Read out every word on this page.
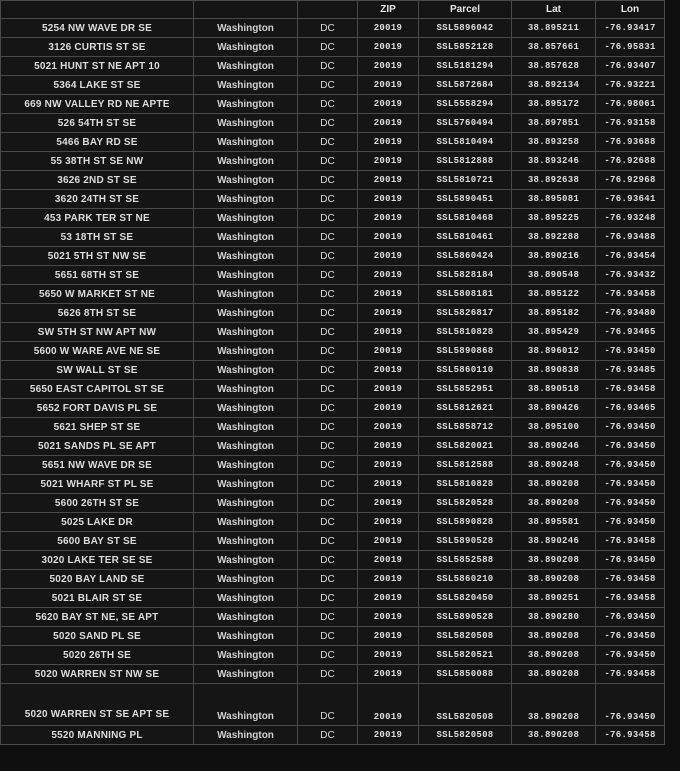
			ZIP	Parcel	Lat	Lon
5254 NW WAVE DR SE	Washington	DC	20019	SSL5896042	38.895211	-76.93417
3126 CURTIS ST SE	Washington	DC	20019	SSL5852128	38.857661	-76.95831
5021 HUNT ST NE APT 10	Washington	DC	20019	SSL5181294	38.857628	-76.93407
5364 LAKE ST SE	Washington	DC	20019	SSL5872684	38.892134	-76.93221
669 NW VALLEY RD NE APTE	Washington	DC	20019	SSL5558294	38.895172	-76.98061
526 54TH ST SE	Washington	DC	20019	SSL5760494	38.897851	-76.93158
5466 BAY RD SE	Washington	DC	20019	SSL5810494	38.893258	-76.93688
55 38TH ST SE NW	Washington	DC	20019	SSL5812888	38.893246	-76.92688
3626 2ND ST SE	Washington	DC	20019	SSL5810721	38.892638	-76.92968
3620 24TH ST SE	Washington	DC	20019	SSL5890451	38.895081	-76.93641
453 PARK TER ST NE	Washington	DC	20019	SSL5810468	38.895225	-76.93248
53 18TH ST SE	Washington	DC	20019	SSL5810461	38.892288	-76.93488
5021 5TH ST NW SE	Washington	DC	20019	SSL5860424	38.890216	-76.93454
5651 68TH ST SE	Washington	DC	20019	SSL5828184	38.890548	-76.93432
5650 W MARKET ST NE	Washington	DC	20019	SSL5808181	38.895122	-76.93458
5626 8TH ST SE	Washington	DC	20019	SSL5826817	38.895182	-76.93480
SW 5TH ST NW APT NW	Washington	DC	20019	SSL5810828	38.895429	-76.93465
5600 W WARE AVE NE SE	Washington	DC	20019	SSL5890868	38.896012	-76.93450
SW WALL ST SE	Washington	DC	20019	SSL5860110	38.890838	-76.93485
5650 EAST CAPITOL ST SE	Washington	DC	20019	SSL5852951	38.890518	-76.93458
5652 FORT DAVIS PL SE	Washington	DC	20019	SSL5812621	38.890426	-76.93465
5621 SHEP ST SE	Washington	DC	20019	SSL5858712	38.895100	-76.93450
5021 SANDS PL SE APT	Washington	DC	20019	SSL5820021	38.890246	-76.93450
5651 NW WAVE DR SE	Washington	DC	20019	SSL5812588	38.890248	-76.93450
5021 WHARF ST PL SE	Washington	DC	20019	SSL5810828	38.890208	-76.93450
5600 26TH ST SE	Washington	DC	20019	SSL5820528	38.890208	-76.93450
5025 LAKE DR	Washington	DC	20019	SSL5890828	38.895581	-76.93450
5600 BAY ST SE	Washington	DC	20019	SSL5890528	38.890246	-76.93458
3020 LAKE TER SE SE	Washington	DC	20019	SSL5852588	38.890208	-76.93450
5020 BAY LAND SE	Washington	DC	20019	SSL5860210	38.890208	-76.93458
5021 BLAIR ST SE	Washington	DC	20019	SSL5820450	38.890251	-76.93458
5620 BAY ST NE, SE APT	Washington	DC	20019	SSL5890528	38.890280	-76.93450
5020 SAND PL SE	Washington	DC	20019	SSL5820508	38.890208	-76.93450
5020 26TH SE	Washington	DC	20019	SSL5820521	38.890208	-76.93450
5020 WARREN ST NW SE	Washington	DC	20019	SSL5850088	38.890208	-76.93458
5020 WARREN ST SE APT SE	Washington	DC	20019	SSL5820508	38.890208	-76.93450
5520 MANNING PL	Washington	DC	20019	SSL5820508	38.890208	-76.93458
